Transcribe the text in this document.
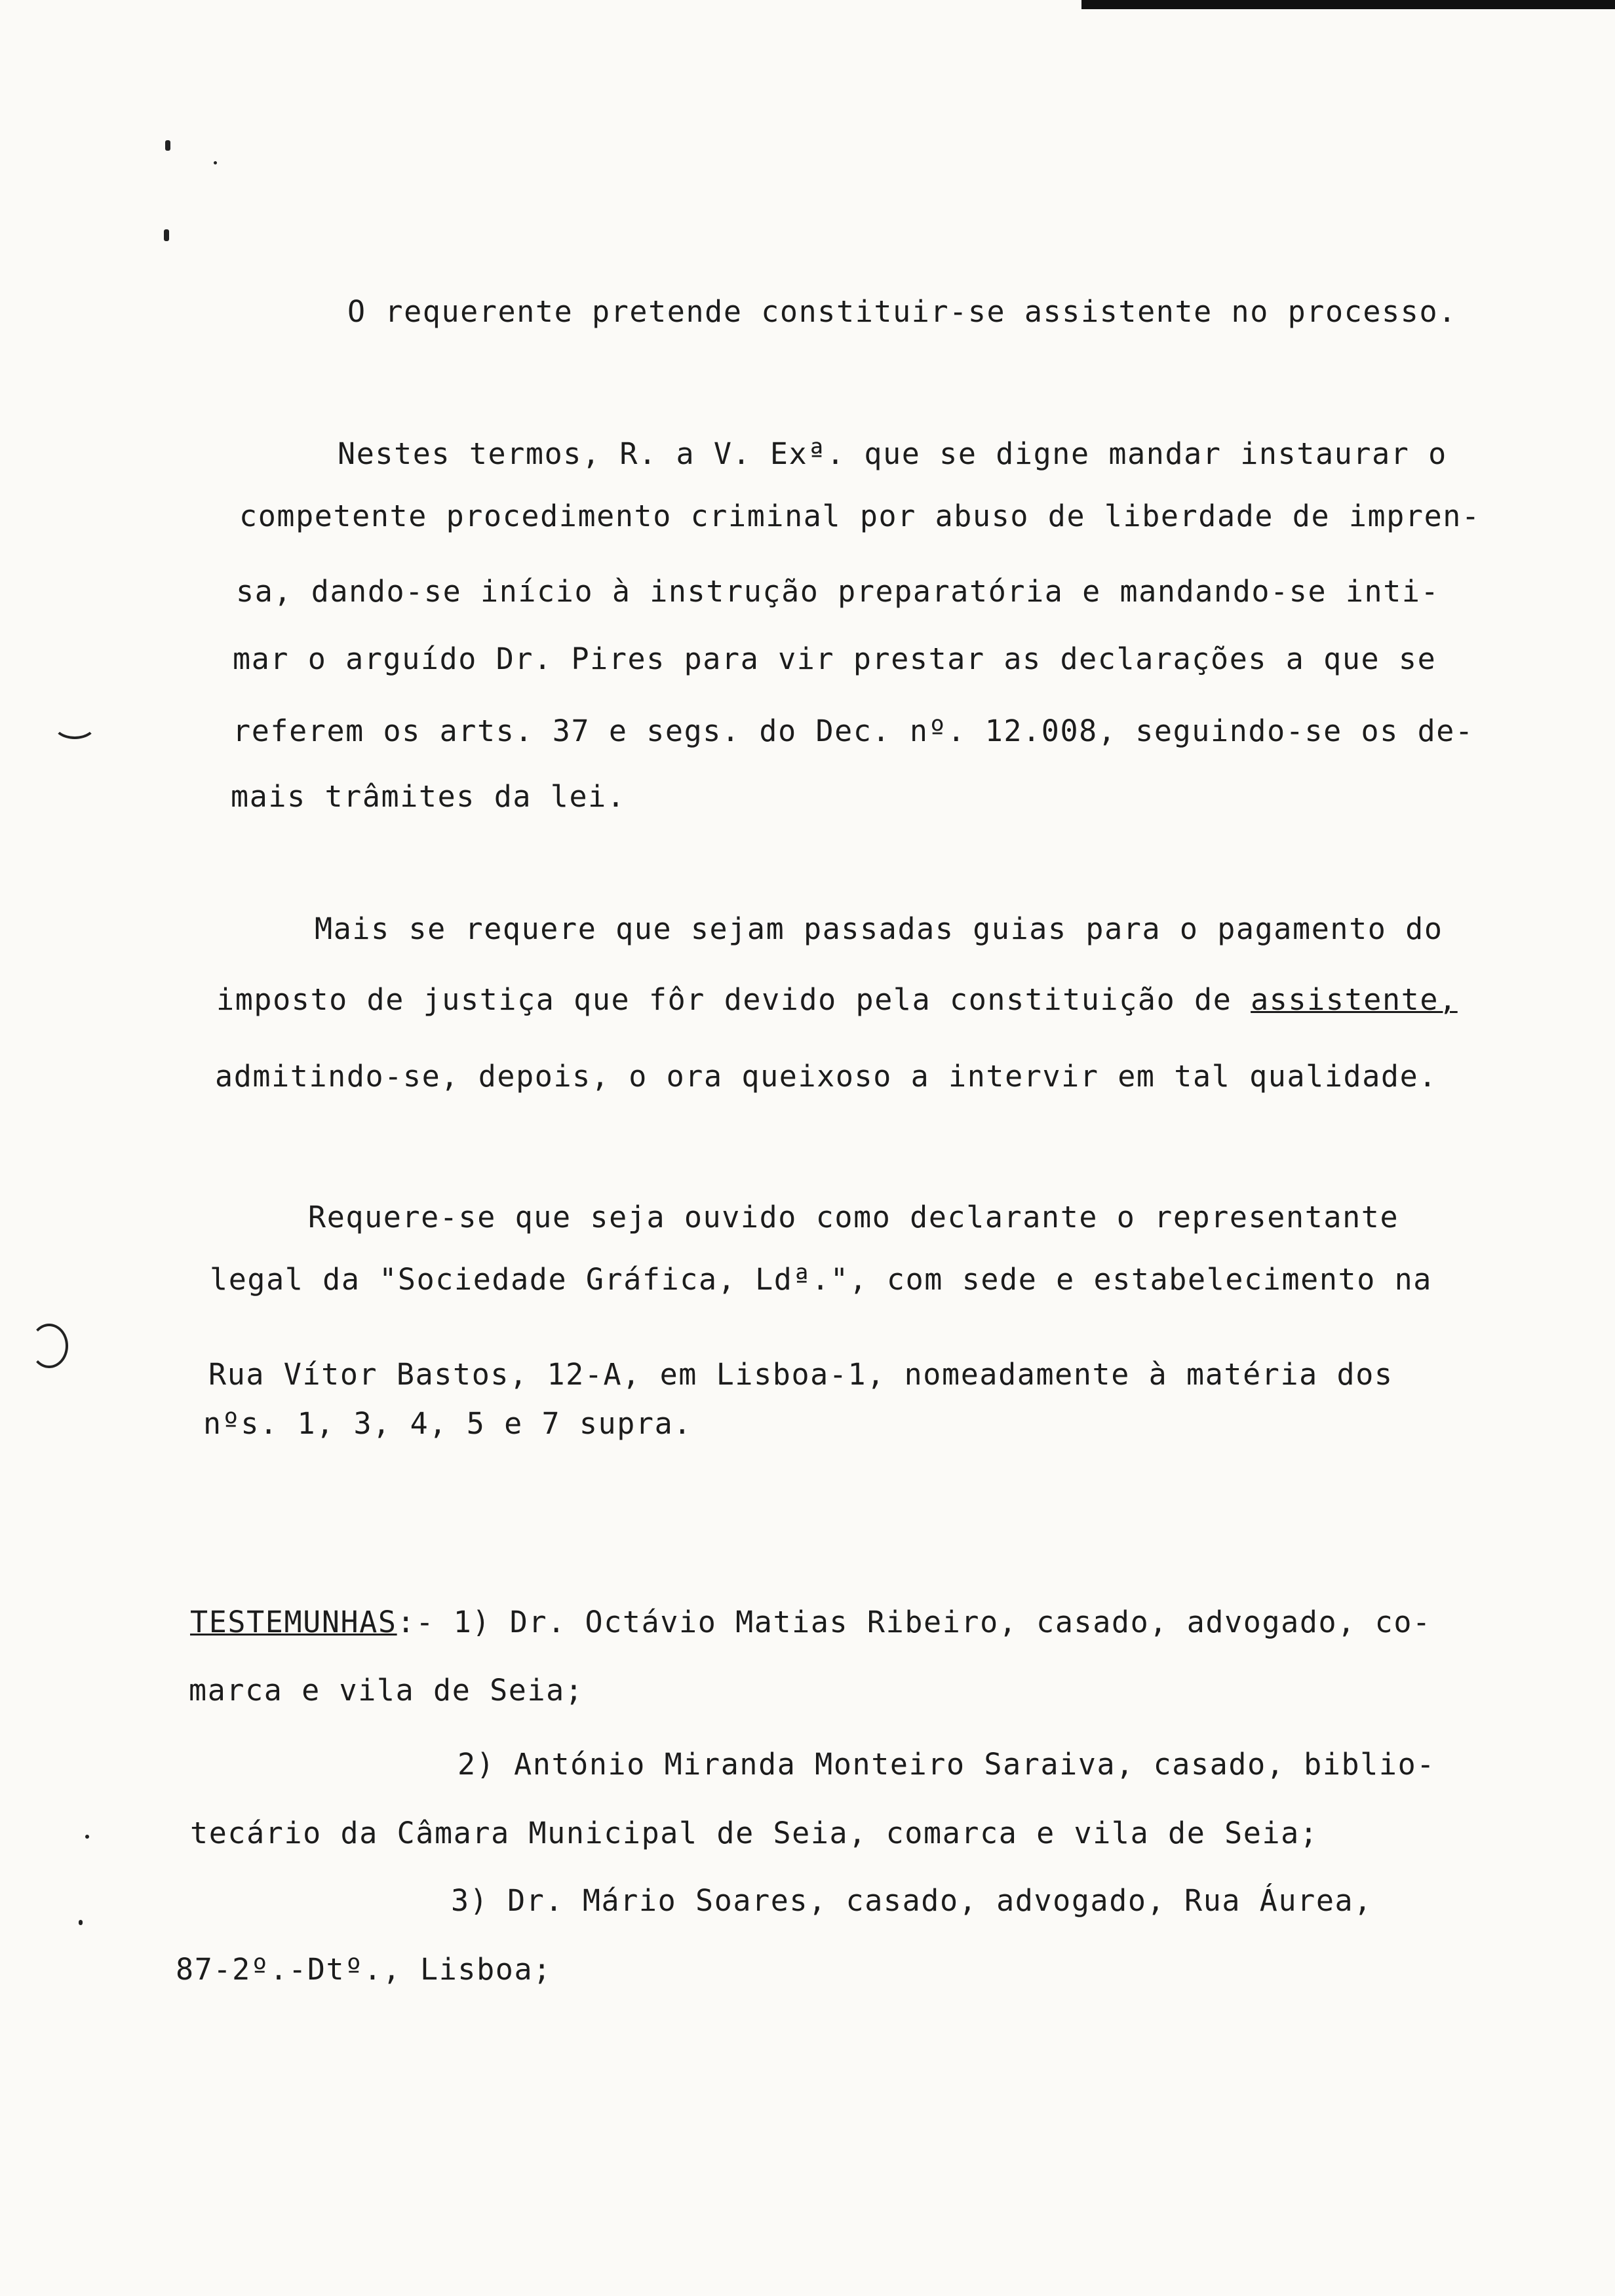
O requerente pretende constituir-se assistente no processo.
Nestes termos, R. a V. Exª. que se digne mandar instaurar o
competente procedimento criminal por abuso de liberdade de impren-
sa, dando-se início à instrução preparatória e mandando-se inti-
mar o arguído Dr. Pires para vir prestar as declarações a que se
referem os arts. 37 e segs. do Dec. nº. 12.008, seguindo-se os de-
mais trâmites da lei.
Mais se requere que sejam passadas guias para o pagamento do
imposto de justiça que fôr devido pela constituição de assistente,
admitindo-se, depois, o ora queixoso a intervir em tal qualidade.
Requere-se que seja ouvido como declarante o representante
legal da "Sociedade Gráfica, Ldª.", com sede e estabelecimento na
Rua Vítor Bastos, 12-A, em Lisboa-1, nomeadamente à matéria dos
nºs. 1, 3, 4, 5 e 7 supra.
TESTEMUNHAS:- 1) Dr. Octávio Matias Ribeiro, casado, advogado, co-
marca e vila de Seia;
2) António Miranda Monteiro Saraiva, casado, biblio-
tecário da Câmara Municipal de Seia, comarca e vila de Seia;
3) Dr. Mário Soares, casado, advogado, Rua Áurea,
87-2º.-Dtº., Lisboa;
